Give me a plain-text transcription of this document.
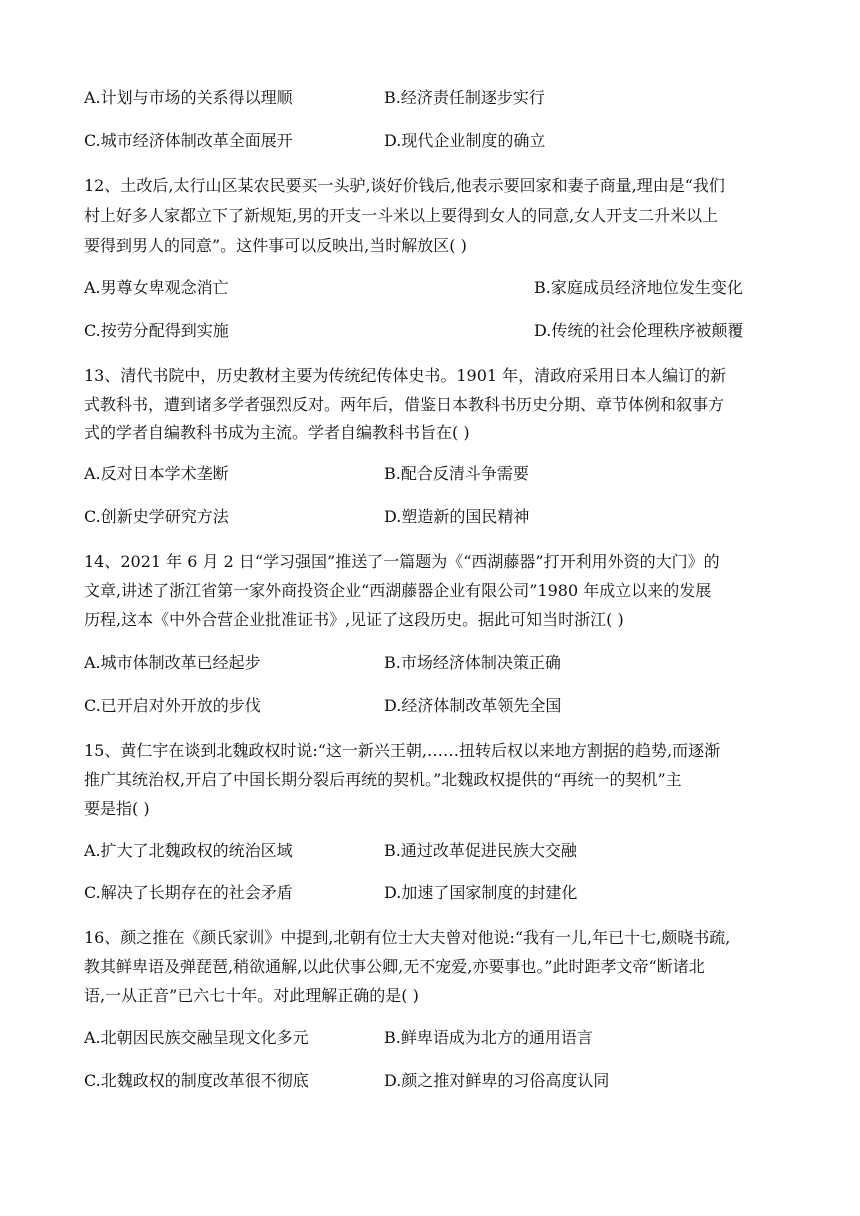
A.计划与市场的关系得以理顺	B.经济责任制逐步实行
C.城市经济体制改革全面展开	D.现代企业制度的确立
12、土改后,太行山区某农民要买一头驴,谈好价钱后,他表示要回家和妻子商量,理由是“我们
村上好多人家都立下了新规矩,男的开支一斗米以上要得到女人的同意,女人开支二升米以上
要得到男人的同意”。这件事可以反映出,当时解放区( )
A.男尊女卑观念消亡	B.家庭成员经济地位发生变化
C.按劳分配得到实施	D.传统的社会伦理秩序被颠覆
13、清代书院中，历史教材主要为传统纪传体史书。1901 年，清政府采用日本人编订的新
式教科书，遭到诸多学者强烈反对。两年后，借鉴日本教科书历史分期、章节体例和叙事方
式的学者自编教科书成为主流。学者自编教科书旨在( )
A.反对日本学术垄断	B.配合反清斗争需要
C.创新史学研究方法	D.塑造新的国民精神
14、2021 年 6 月 2 日“学习强国”推送了一篇题为《“西湖藤器”打开利用外资的大门》的
文章,讲述了浙江省第一家外商投资企业“西湖藤器企业有限公司”1980 年成立以来的发展
历程,这本《中外合营企业批准证书》,见证了这段历史。据此可知当时浙江( )
A.城市体制改革已经起步	B.市场经济体制决策正确
C.已开启对外开放的步伐	D.经济体制改革领先全国
15、黄仁宇在谈到北魏政权时说:“这一新兴王朝,……扭转后权以来地方割据的趋势,而逐渐
推广其统治权,开启了中国长期分裂后再统的契机。”北魏政权提供的“再统一的契机”主
要是指( )
A.扩大了北魏政权的统治区域	B.通过改革促进民族大交融
C.解决了长期存在的社会矛盾	D.加速了国家制度的封建化
16、颜之推在《颜氏家训》中提到,北朝有位士大夫曾对他说:“我有一儿,年已十七,颇晓书疏,
教其鲜卑语及弹琵琶,稍欲通解,以此伏事公卿,无不宠爱,亦要事也。”此时距孝文帝“断诸北
语,一从正音”已六七十年。对此理解正确的是( )
A.北朝因民族交融呈现文化多元	B.鲜卑语成为北方的通用语言
C.北魏政权的制度改革很不彻底	D.颜之推对鲜卑的习俗高度认同
